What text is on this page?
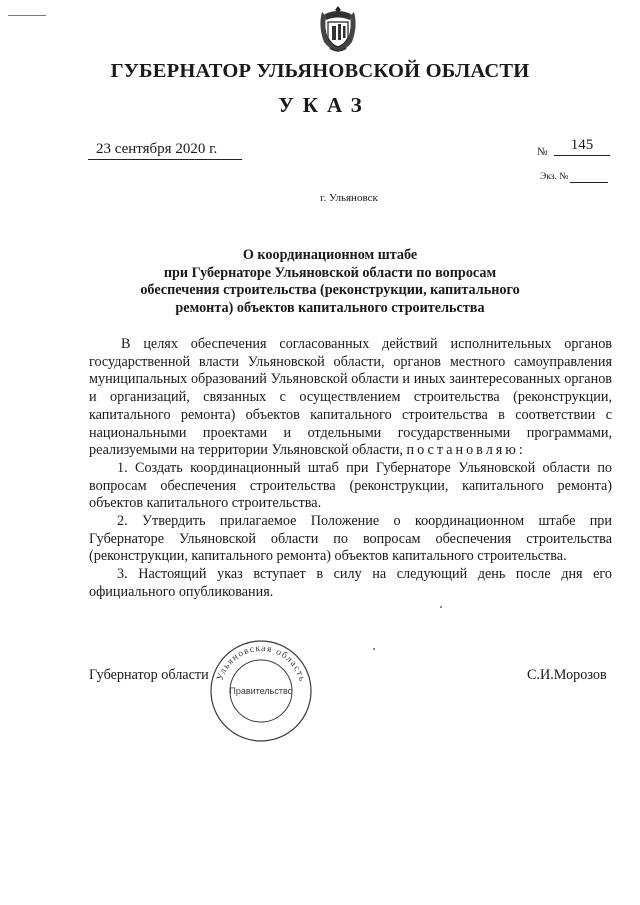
ГУБЕРНАТОР УЛЬЯНОВСКОЙ ОБЛАСТИ
УКАЗ
23 сентября 2020 г.	№	145
Экз. №
г. Ульяновск
О координационном штабе
при Губернаторе Ульяновской области по вопросам
обеспечения строительства (реконструкции, капитального
ремонта) объектов капитального строительства

В целях обеспечения согласованных действий исполнительных органов государственной власти Ульяновской области, органов местного самоуправления муниципальных образований Ульяновской области и иных заинтересованных органов и организаций, связанных с осуществлением строительства (реконструкции, капитального ремонта) объектов капитального строительства в соответствии с национальными проектами и отдельными государственными программами, реализуемыми на территории Ульяновской области, постановляю:

1. Создать координационный штаб при Губернаторе Ульяновской области по вопросам обеспечения строительства (реконструкции, капитального ремонта) объектов капитального строительства.

2. Утвердить прилагаемое Положение о координационном штабе при Губернаторе Ульяновской области по вопросам обеспечения строительства (реконструкции, капитального ремонта) объектов капитального строительства.

3. Настоящий указ вступает в силу на следующий день после дня его официального опубликования.

Ульяновская область
Правительство
Губернатор области	С.И.Морозов
